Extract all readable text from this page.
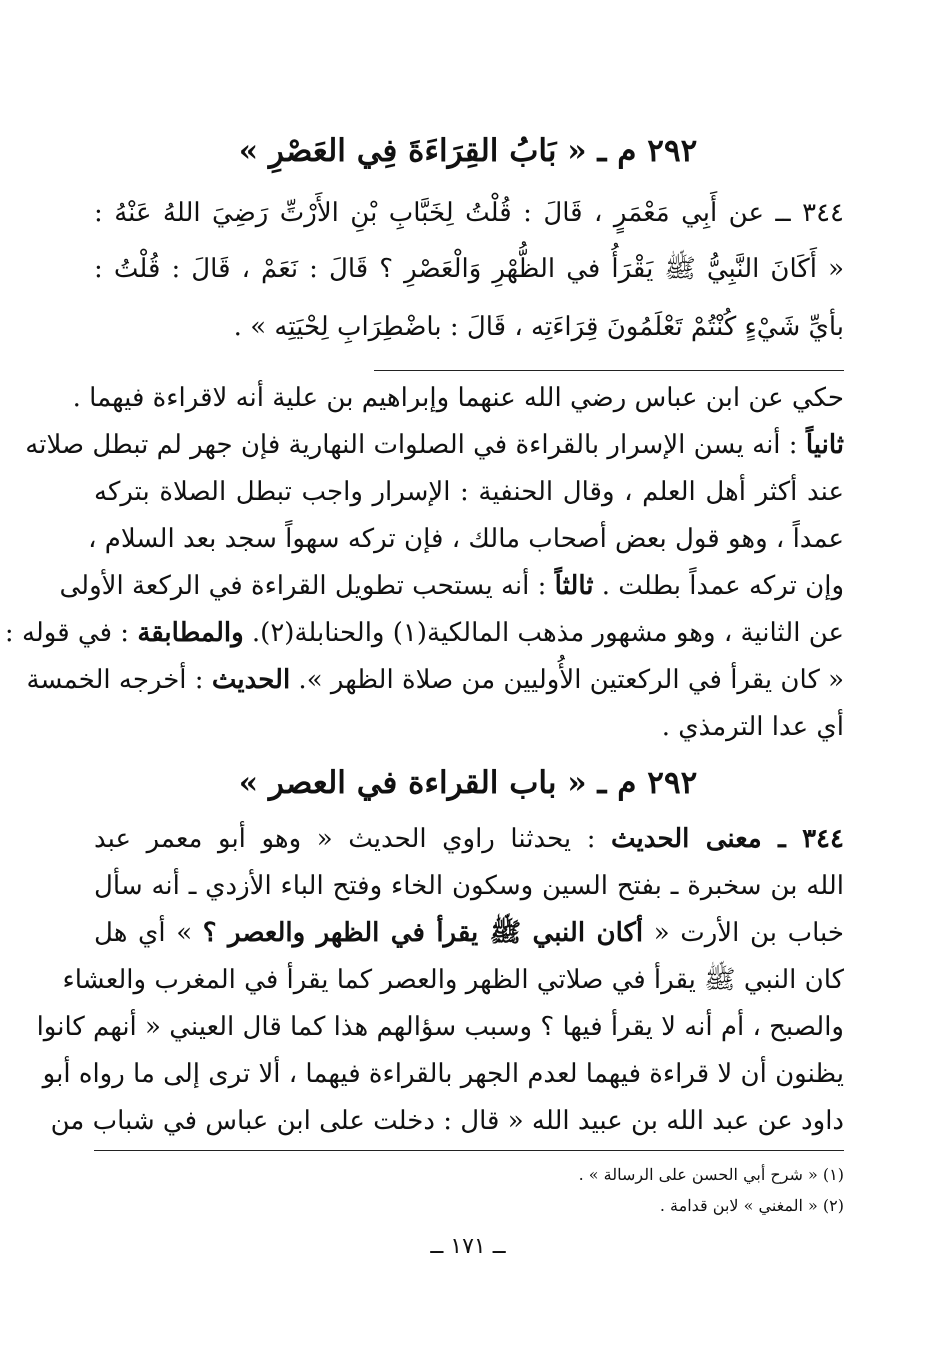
٢٩٢ م ـ « بَابُ القِرَاءَةَ فِي العَصْرِ »
٣٤٤ ــ عن أَبِي مَعْمَرٍ ، قَالَ : قُلْتُ لِخَبَّابِ بْنِ الأَرْتِّ رَضِيَ اللهُ عَنْهُ :
« أَكَانَ النَّبِيُّ ﷺ يَقْرَأُ في الظُّهْرِ وَالْعَصْرِ ؟ قَالَ : نَعَمْ ، قَالَ : قُلْتُ :
بأيِّ شَيْءٍ كُنْتُمْ تَعْلَمُونَ قِرَاءَتِه ، قَالَ : باضْطِرَابِ لِحْيَتِه » .
حكي عن ابن عباس رضي الله عنهما وإبراهيم بن علية أنه لاقراءة فيهما .
ثانياً : أنه يسن الإسرار بالقراءة في الصلوات النهارية فإن جهر لم تبطل صلاته
عند أكثر أهل العلم ، وقال الحنفية : الإسرار واجب تبطل الصلاة بتركه
عمداً ، وهو قول بعض أصحاب مالك ، فإن تركه سهواً سجد بعد السلام ،
وإن تركه عمداً بطلت . ثالثاً : أنه يستحب تطويل القراءة في الركعة الأولى
عن الثانية ، وهو مشهور مذهب المالكية(١) والحنابلة(٢). والمطابقة : في قوله :
« كان يقرأ في الركعتين الأُوليين من صلاة الظهر ». الحديث : أخرجه الخمسة
أي عدا الترمذي .
٢٩٢ م ـ « باب القراءة في العصر »
٣٤٤ ـ معنى الحديث : يحدثنا راوي الحديث « وهو أبو معمر عبد
الله بن سخبرة ـ بفتح السين وسكون الخاء وفتح الباء الأزدي ـ أنه سأل
خباب بن الأرت « أكان النبي ﷺ يقرأ في الظهر والعصر ؟ » أي هل
كان النبي ﷺ يقرأ في صلاتي الظهر والعصر كما يقرأ في المغرب والعشاء
والصبح ، أم أنه لا يقرأ فيها ؟ وسبب سؤالهم هذا كما قال العيني « أنهم كانوا
يظنون أن لا قراءة فيهما لعدم الجهر بالقراءة فيهما ، ألا ترى إلى ما رواه أبو
داود عن عبد الله بن عبيد الله « قال : دخلت على ابن عباس في شباب من
(١) « شرح أبي الحسن على الرسالة » .
(٢) « المغني » لابن قدامة .
ــ ١٧١ ــ
